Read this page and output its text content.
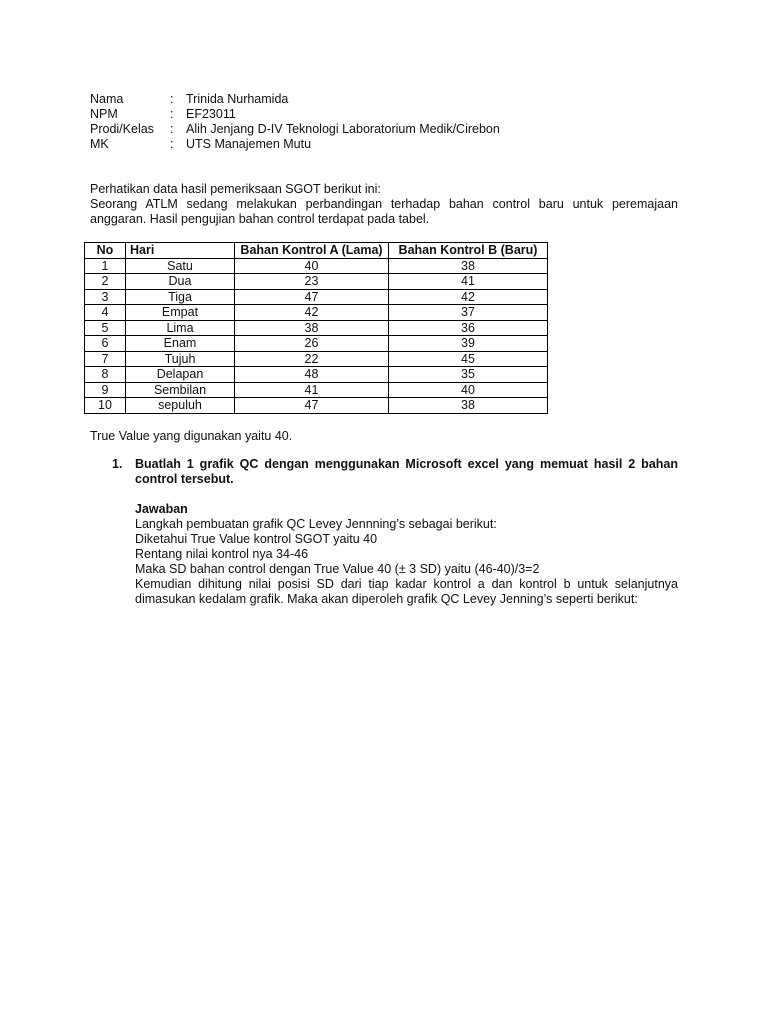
Nama	:	Trinida Nurhamida
NPM	:	EF23011
Prodi/Kelas	:	Alih Jenjang D-IV Teknologi Laboratorium Medik/Cirebon
MK	:	UTS Manajemen Mutu

Perhatikan data hasil pemeriksaan SGOT berikut ini:

Seorang ATLM sedang melakukan perbandingan terhadap bahan control baru untuk peremajaan anggaran. Hasil pengujian bahan control terdapat pada tabel.

No	Hari	Bahan Kontrol A (Lama)	Bahan Kontrol B (Baru)
1	Satu	40	38
2	Dua	23	41
3	Tiga	47	42
4	Empat	42	37
5	Lima	38	36
6	Enam	26	39
7	Tujuh	22	45
8	Delapan	48	35
9	Sembilan	41	40
10	sepuluh	47	38
True Value yang digunakan yaitu 40.
1. Buatlah 1 grafik QC dengan menggunakan Microsoft excel yang memuat hasil 2 bahan control tersebut.

Jawaban

Langkah pembuatan grafik QC Levey Jennning’s sebagai berikut:

Diketahui True Value kontrol SGOT yaitu 40

Rentang nilai kontrol nya 34-46

Maka SD bahan control dengan True Value 40 (± 3 SD) yaitu (46-40)/3=2

Kemudian dihitung nilai posisi SD dari tiap kadar kontrol a dan kontrol b untuk selanjutnya dimasukan kedalam grafik. Maka akan diperoleh grafik QC Levey Jenning’s seperti berikut:
